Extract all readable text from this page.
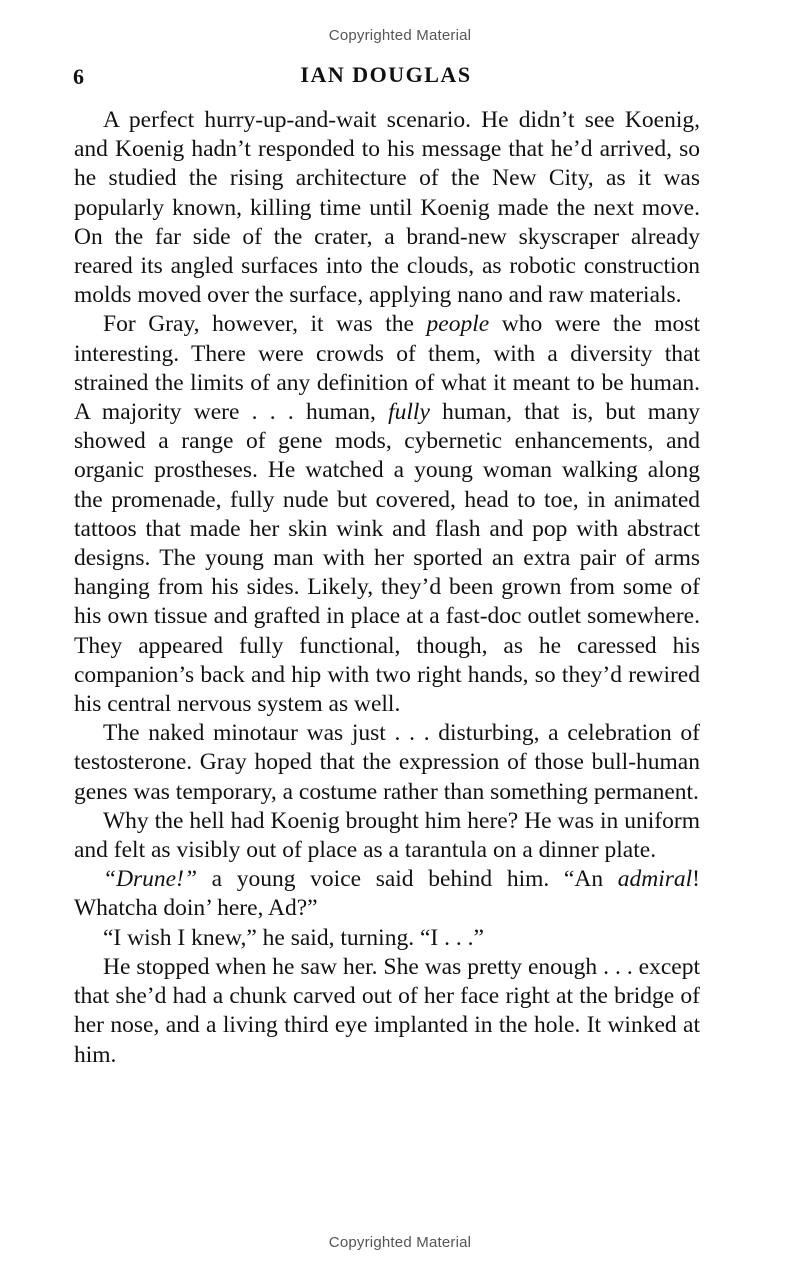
Copyrighted Material
6	IAN DOUGLAS

A perfect hurry-up-and-wait scenario. He didn’t see Koenig, and Koenig hadn’t responded to his message that he’d arrived, so he studied the rising architecture of the New City, as it was popularly known, killing time until Koenig made the next move. On the far side of the crater, a brand-new skyscraper already reared its angled surfaces into the clouds, as robotic construction molds moved over the surface, applying nano and raw materials.

For Gray, however, it was the people who were the most interesting. There were crowds of them, with a diversity that strained the limits of any definition of what it meant to be human. A majority were . . . human, fully human, that is, but many showed a range of gene mods, cybernetic enhancements, and organic prostheses. He watched a young woman walking along the promenade, fully nude but covered, head to toe, in animated tattoos that made her skin wink and flash and pop with abstract designs. The young man with her sported an extra pair of arms hanging from his sides. Likely, they’d been grown from some of his own tissue and grafted in place at a fast-doc outlet somewhere. They appeared fully functional, though, as he caressed his companion’s back and hip with two right hands, so they’d rewired his central nervous system as well.

The naked minotaur was just . . . disturbing, a celebration of testosterone. Gray hoped that the expression of those bull-human genes was temporary, a costume rather than something permanent.

Why the hell had Koenig brought him here? He was in uniform and felt as visibly out of place as a tarantula on a dinner plate.

“Drune!” a young voice said behind him. “An admiral! Whatcha doin’ here, Ad?”

“I wish I knew,” he said, turning. “I . . .”

He stopped when he saw her. She was pretty enough . . . except that she’d had a chunk carved out of her face right at the bridge of her nose, and a living third eye implanted in the hole. It winked at him.

Copyrighted Material
